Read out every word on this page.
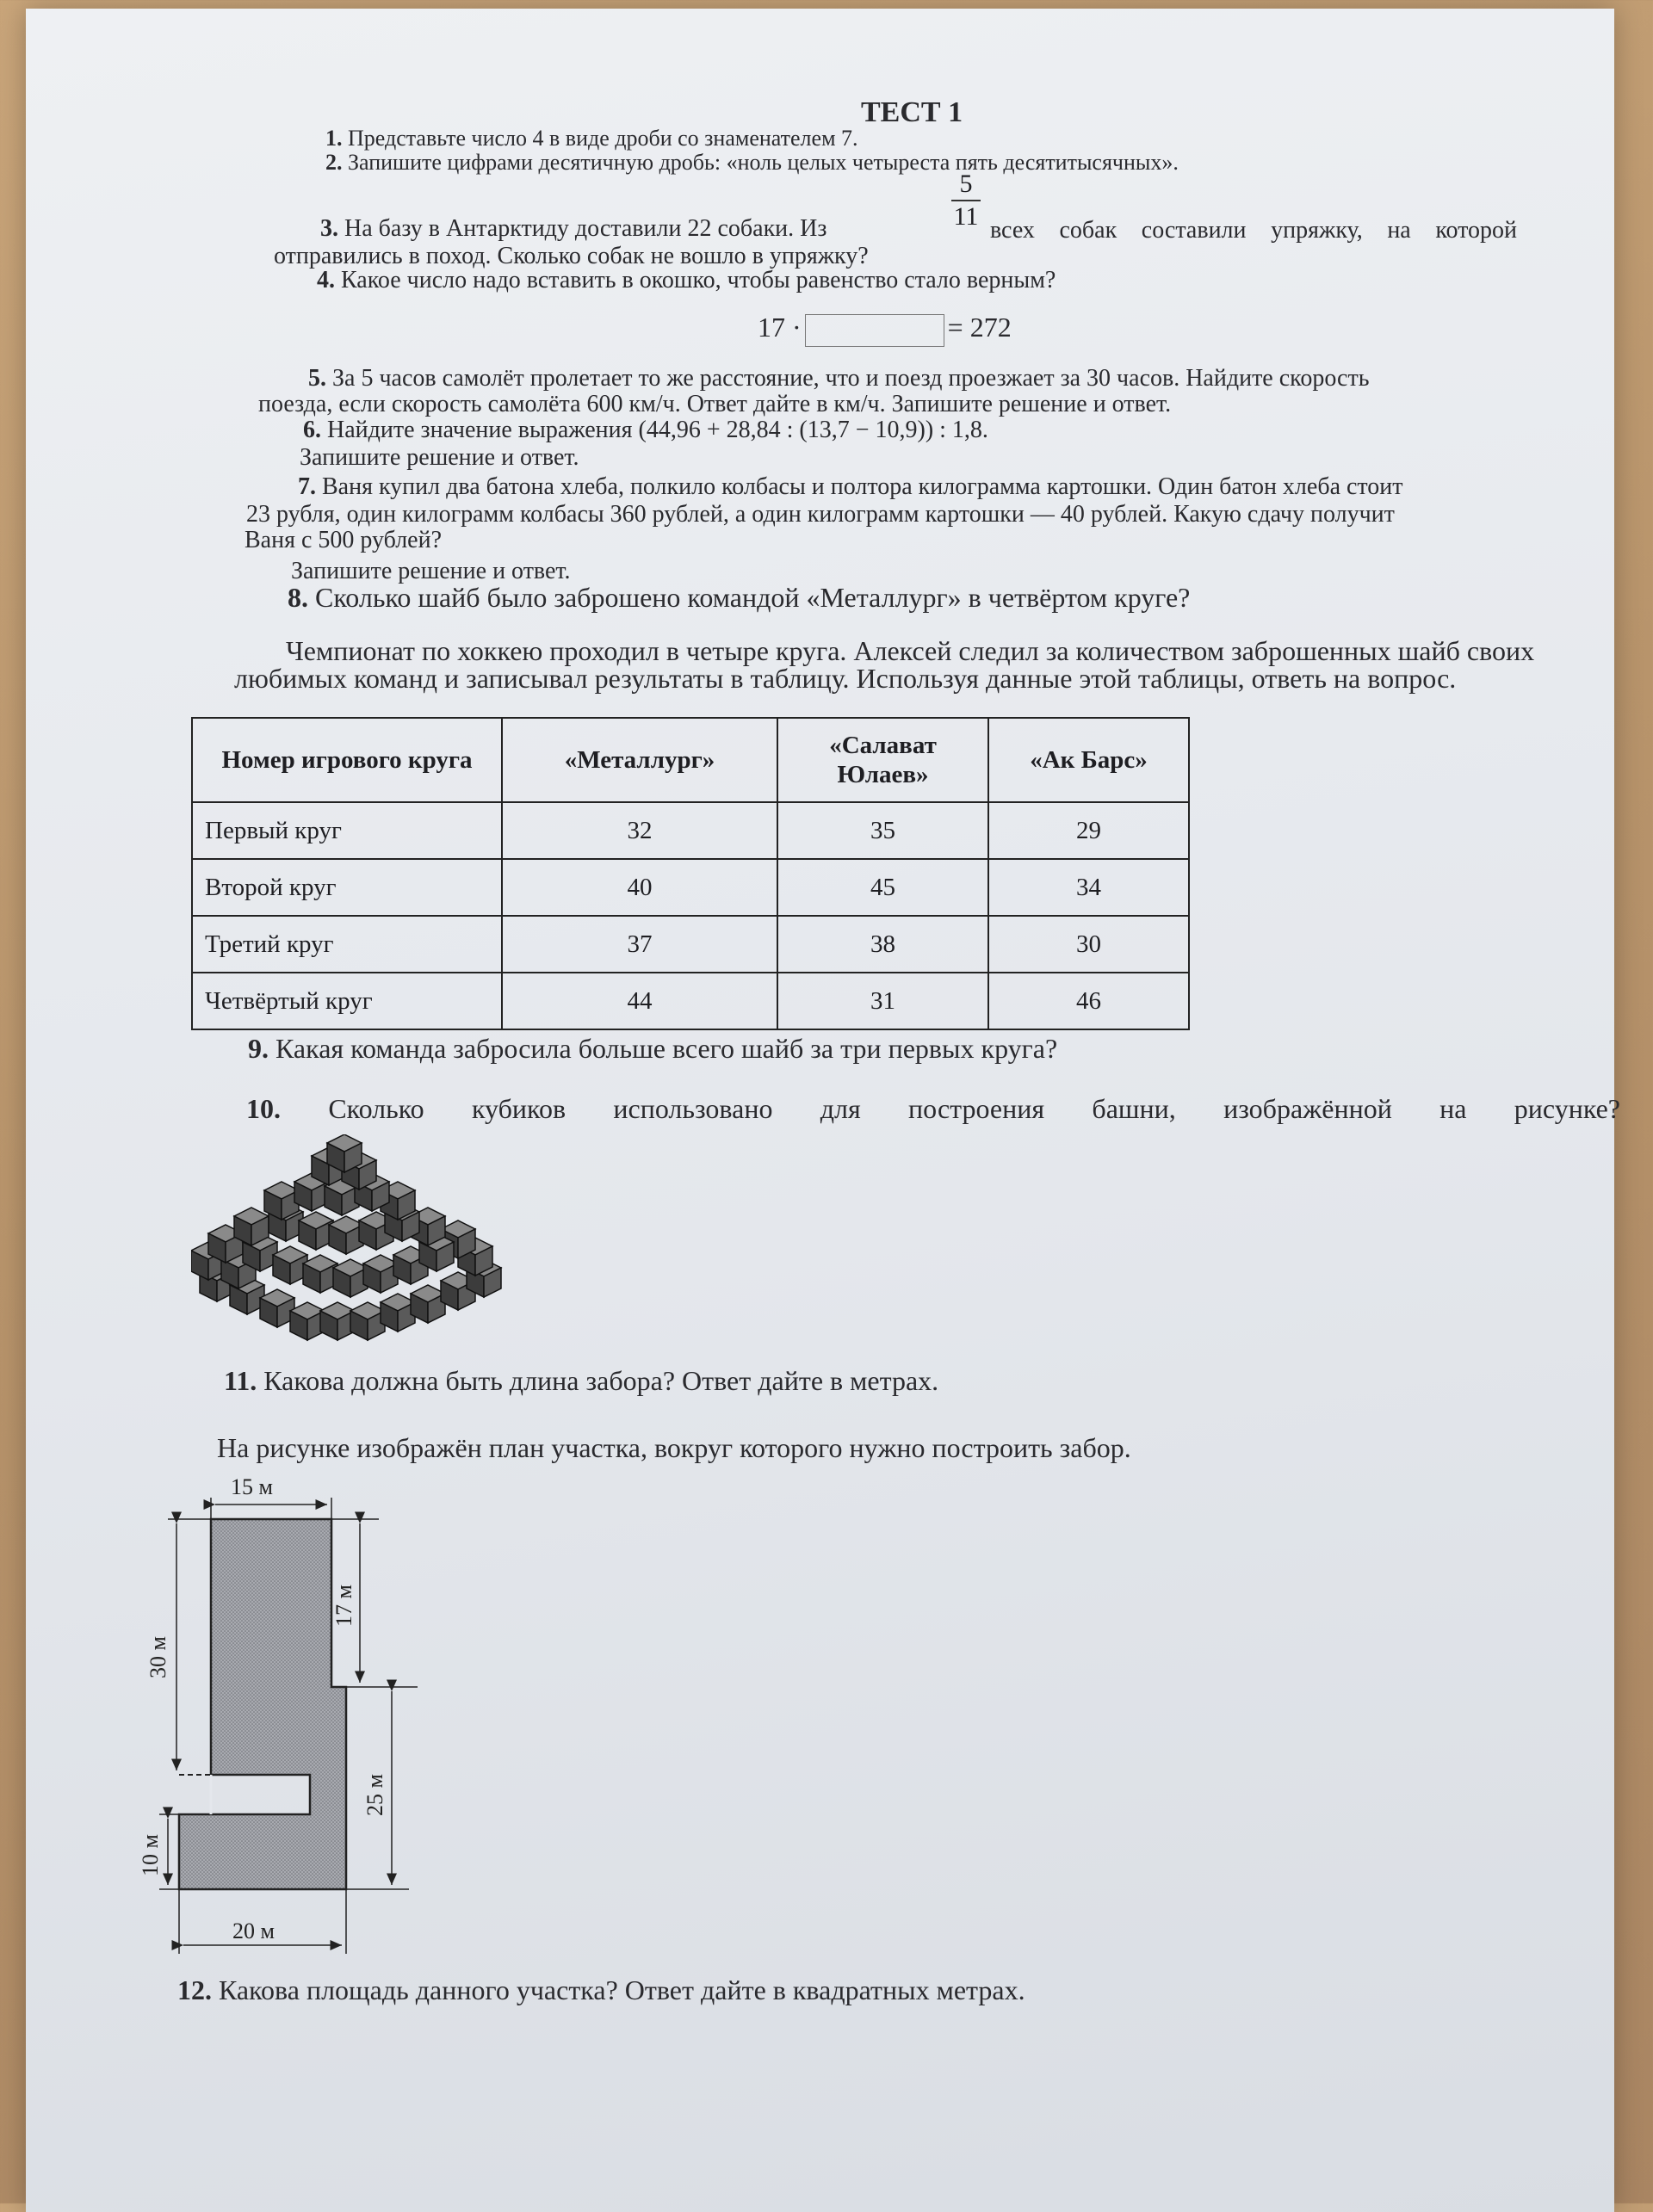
ТЕСТ 1
1. Представьте число 4 в виде дроби со знаменателем 7.
2. Запишите цифрами десятичную дробь: «ноль целых четыреста пять десятитысячных».
3. На базу в Антарктиду доставили 22 собаки. Из
5
11 всех собак составили упряжку, на которой
отправились в поход. Сколько собак не вошло в упряжку?
4. Какое число надо вставить в окошко, чтобы равенство стало верным?
17 ·	= 272
5. За 5 часов самолёт пролетает то же расстояние, что и поезд проезжает за 30 часов. Найдите скорость
поезда, если скорость самолёта 600 км/ч. Ответ дайте в км/ч. Запишите решение и ответ.
6. Найдите значение выражения (44,96 + 28,84 : (13,7 − 10,9)) : 1,8.
Запишите решение и ответ.
7. Ваня купил два батона хлеба, полкило колбасы и полтора килограмма картошки. Один батон хлеба стоит
23 рубля, один килограмм колбасы 360 рублей, а один килограмм картошки — 40 рублей. Какую сдачу получит
Ваня с 500 рублей?
Запишите решение и ответ.
8. Сколько шайб было заброшено командой «Металлург» в четвёртом круге?
Чемпионат по хоккею проходил в четыре круга. Алексей следил за количеством заброшенных шайб своих
любимых команд и записывал результаты в таблицу. Используя данные этой таблицы, ответь на вопрос.
Номер игрового круга	«Металлург»	«Салават Юлаев»	«Ак Барс»
Первый круг	32	35	29
Второй круг	40	45	34
Третий круг	37	38	30
Четвёртый круг	44	31	46
9. Какая команда забросила больше всего шайб за три первых круга?
10. Сколько кубиков использовано для построения башни, изображённой на рисунке?
11. Какова должна быть длина забора? Ответ дайте в метрах.
На рисунке изображён план участка, вокруг которого нужно построить забор.
15 м
30 м
17 м
25 м
10 м
20 м
12. Какова площадь данного участка? Ответ дайте в квадратных метрах.
